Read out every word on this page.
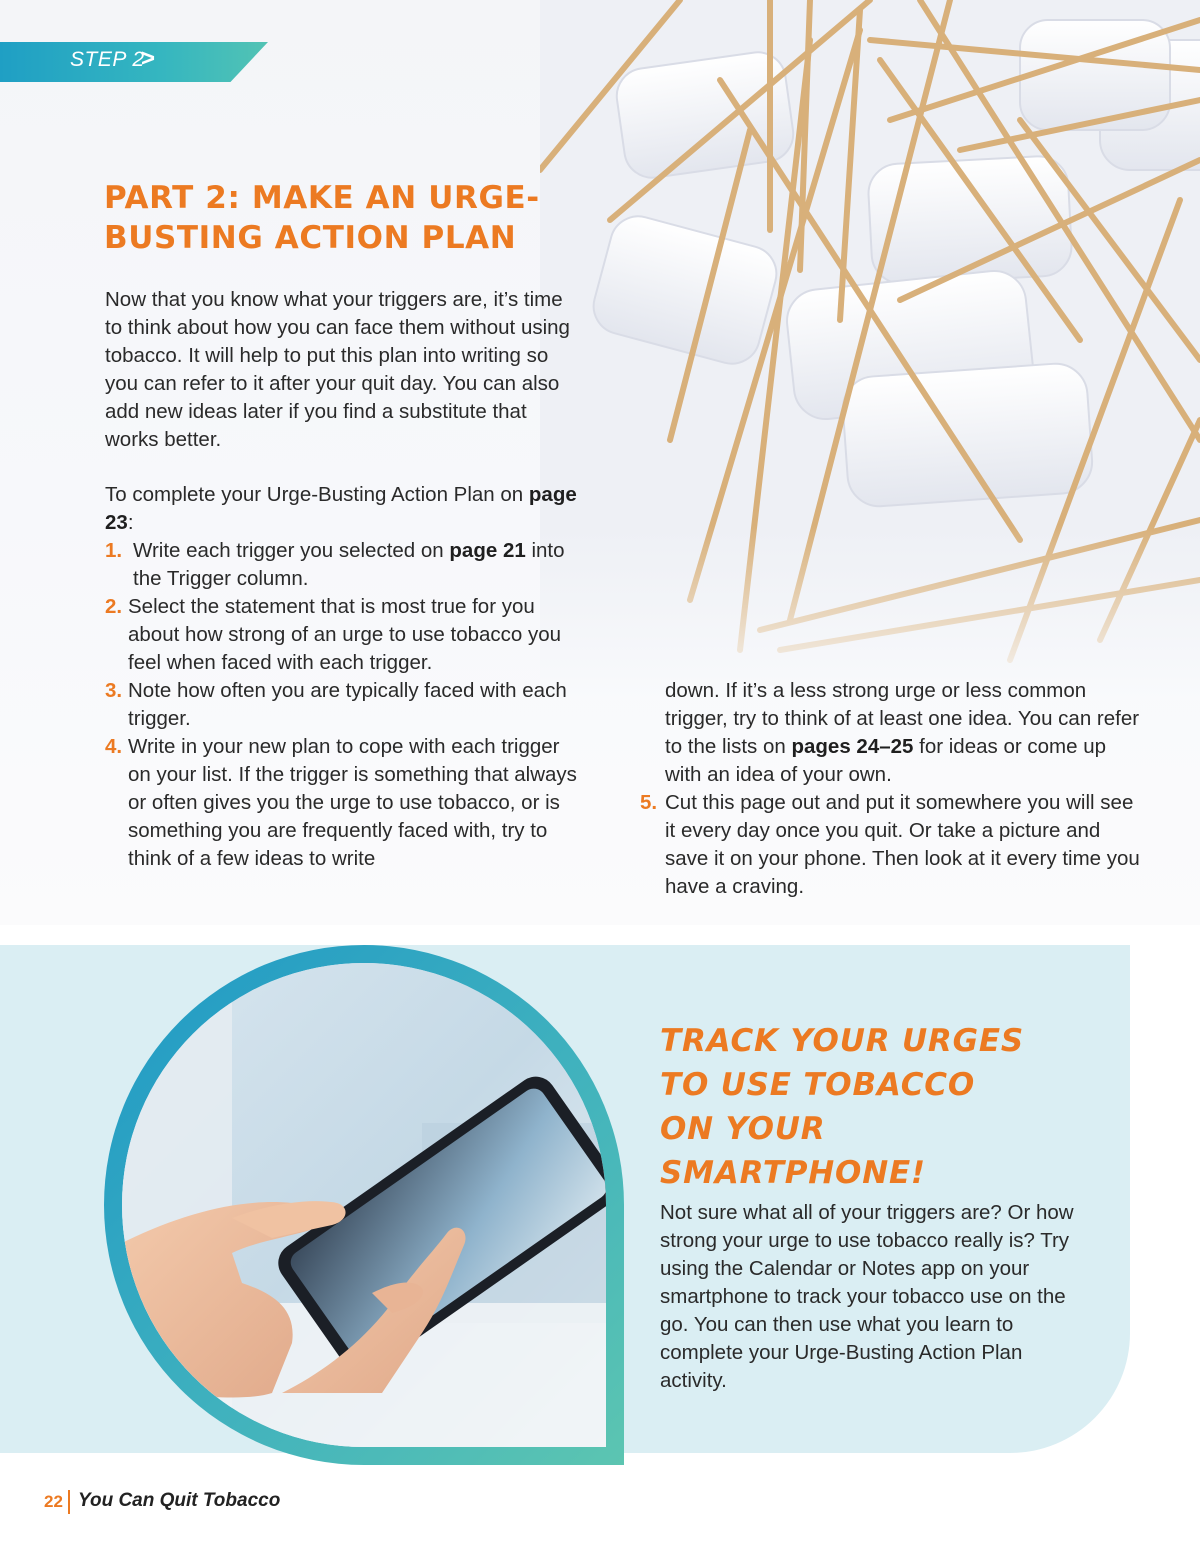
STEP 2
>
PART 2: MAKE AN URGE-BUSTING ACTION PLAN

Now that you know what your triggers are, it’s time to think about how you can face them without using tobacco. It will help to put this plan into writing so you can refer to it after your quit day. You can also add new ideas later if you find a substitute that works better.

To complete your Urge-Busting Action Plan on page 23:

1. Write each trigger you selected on page 21 into the Trigger column.
2. Select the statement that is most true for you about how strong of an urge to use tobacco you feel when faced with each trigger.
3. Note how often you are typically faced with each trigger.
4. Write in your new plan to cope with each trigger on your list. If the trigger is something that always or often gives you the urge to use tobacco, or is something you are frequently faced with, try to think of a few ideas to write
down. If it’s a less strong urge or less common trigger, try to think of at least one idea. You can refer to the lists on pages 24–25 for ideas or come up with an idea of your own.
5. Cut this page out and put it somewhere you will see it every day once you quit. Or take a picture and save it on your phone. Then look at it every time you have a craving.
TRACK YOUR URGES
TO USE TOBACCO
ON YOUR
SMARTPHONE!

Not sure what all of your triggers are? Or how strong your urge to use tobacco really is? Try using the Calendar or Notes app on your smartphone to track your tobacco use on the go. You can then use what you learn to complete your Urge-Busting Action Plan activity.

22 You Can Quit Tobacco
